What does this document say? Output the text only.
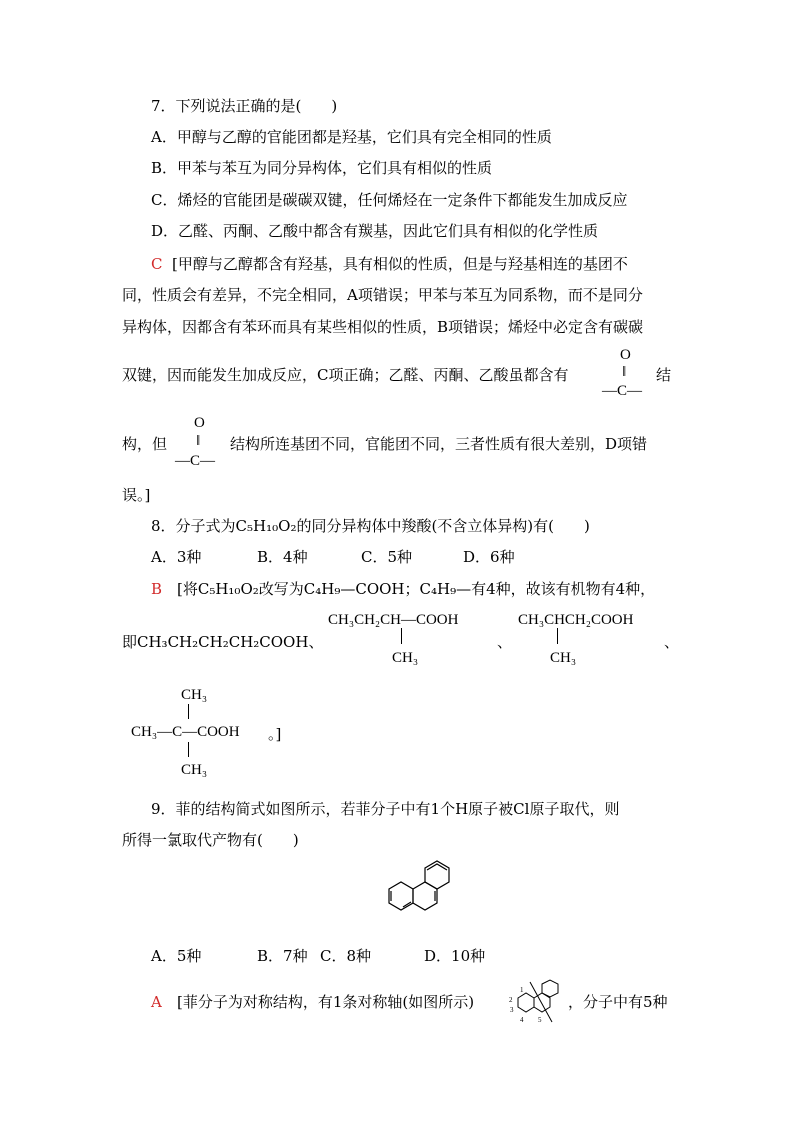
7．下列说法正确的是(　　)
A．甲醇与乙醇的官能团都是羟基，它们具有完全相同的性质
B．甲苯与苯互为同分异构体，它们具有相似的性质
C．烯烃的官能团是碳碳双键，任何烯烃在一定条件下都能发生加成反应
D．乙醛、丙酮、乙酸中都含有羰基，因此它们具有相似的化学性质
C [甲醇与乙醇都含有羟基，具有相似的性质，但是与羟基相连的基团不
同，性质会有差异，不完全相同，A项错误；甲苯与苯互为同系物，而不是同分
异构体，因都含有苯环而具有某些相似的性质，B项错误；烯烃中必定含有碳碳
双键，因而能发生加成反应，C项正确；乙醛、丙酮、乙酸虽都含有
O
‖
—C—
结
构，但
O
‖
—C—
结构所连基团不同，官能团不同，三者性质有很大差别，D项错
误。]
8．分子式为C₅H₁₀O₂的同分异构体中羧酸(不含立体异构)有(　　)
A．3种	B．4种	C．5种	D．6种
B [将C₅H₁₀O₂改写为C₄H₉—COOH；C₄H₉—有4种，故该有机物有4种，
即CH₃CH₂CH₂CH₂COOH、
CH₃CH₂CH—COOH
CH₃
、
CH₃CHCH₂COOH
CH₃
、
CH₃
CH₃—C—COOH
CH₃
。]
9．菲的结构简式如图所示，若菲分子中有1个H原子被Cl原子取代，则
所得一氯取代产物有(　　)
A．5种	B．7种 C．8种	D．10种
A [菲分子为对称结构，有1条对称轴(如图所示)
1
2
3
4 5
，分子中有5种
